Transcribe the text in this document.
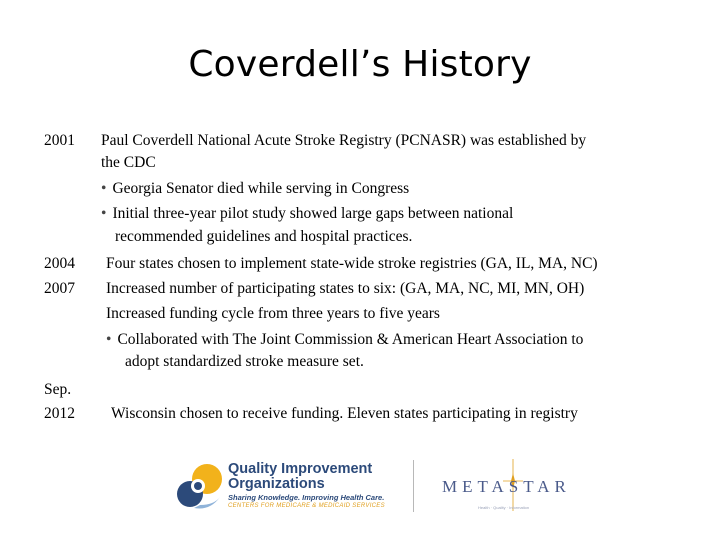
Coverdell’s History
2001 Paul Coverdell National Acute Stroke Registry (PCNASR) was established by
the CDC
• Georgia Senator died while serving in Congress
• Initial three-year pilot study showed large gaps between national
recommended guidelines and hospital practices.
2004 Four states chosen to implement state-wide stroke registries (GA, IL, MA, NC)
2007 Increased number of participating states to six: (GA, MA, NC, MI, MN, OH)
Increased funding cycle from three years to five years
• Collaborated with The Joint Commission & American Heart Association to
adopt standardized stroke measure set.
Sep.
2012 Wisconsin chosen to receive funding. Eleven states participating in registry
Quality Improvement
Organizations
Sharing Knowledge. Improving Health Care.
CENTERS FOR MEDICARE & MEDICAID SERVICES
METASTAR
Health · Quality · Information
